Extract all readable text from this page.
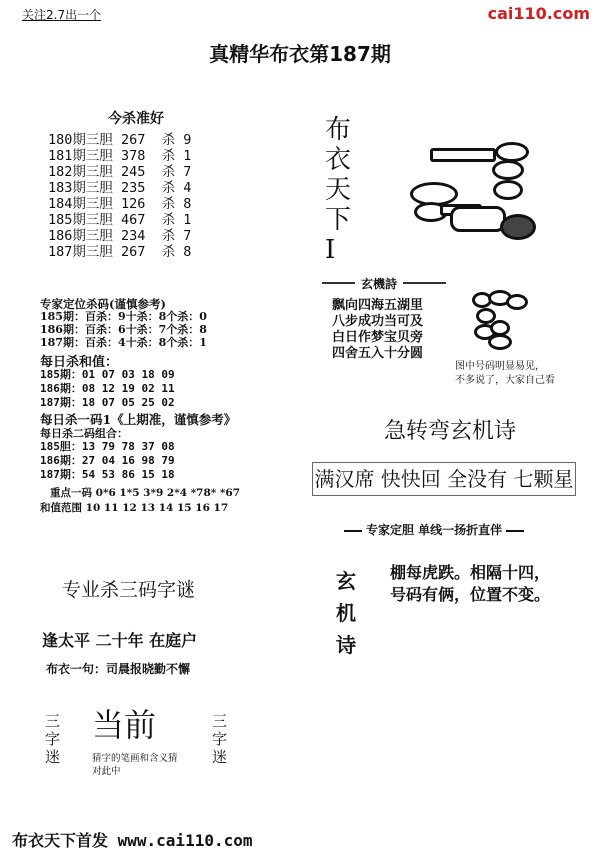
关注2.7出一个	cai110.com
真精华布衣第187期
今杀准好
180期三胆 267  杀 9
181期三胆 378  杀 1
182期三胆 245  杀 7
183期三胆 235  杀 4
184期三胆 126  杀 8
185期三胆 467  杀 1
186期三胆 234  杀 7
187期三胆 267  杀 8
布衣天下Ⅰ
专家定位杀码(谨慎参考)
185期：百杀：9十杀：8个杀：0
186期：百杀：6十杀：7个杀：8
187期：百杀：4十杀：8个杀：1
每日杀和值：
185期：01 07 03 18 09
186期：08 12 19 02 11
187期：18 07 05 25 02
每日杀一码1《上期准，谨慎参考》
每日杀二码组合：
185胆：13 79 78 37 08
186期：27 04 16 98 79
187期：54 53 86 15 18
重点一码 0*6 1*5 3*9 2*4 *78* *67
和值范围 10 11 12 13 14 15 16 17
玄機詩
飘向四海五湖里
八步成功当可及
白日作梦宝贝旁
四舍五入十分圆
图中号码明显易见，
不多说了，大家自己看
急转弯玄机诗
满汉席 快快回 全没有 七颗星
专家定胆 单线一扬折直伴
玄机诗
棚每虎跌。相隔十四，
号码有俩，位置不变。
专业杀三码字谜
逢太平 二十年 在庭户
布衣一句：司晨报晓勤不懈
三字迷
当前	三字迷
猜字的笔画和含义猜
对此中
布衣天下首发 www.cai110.com
